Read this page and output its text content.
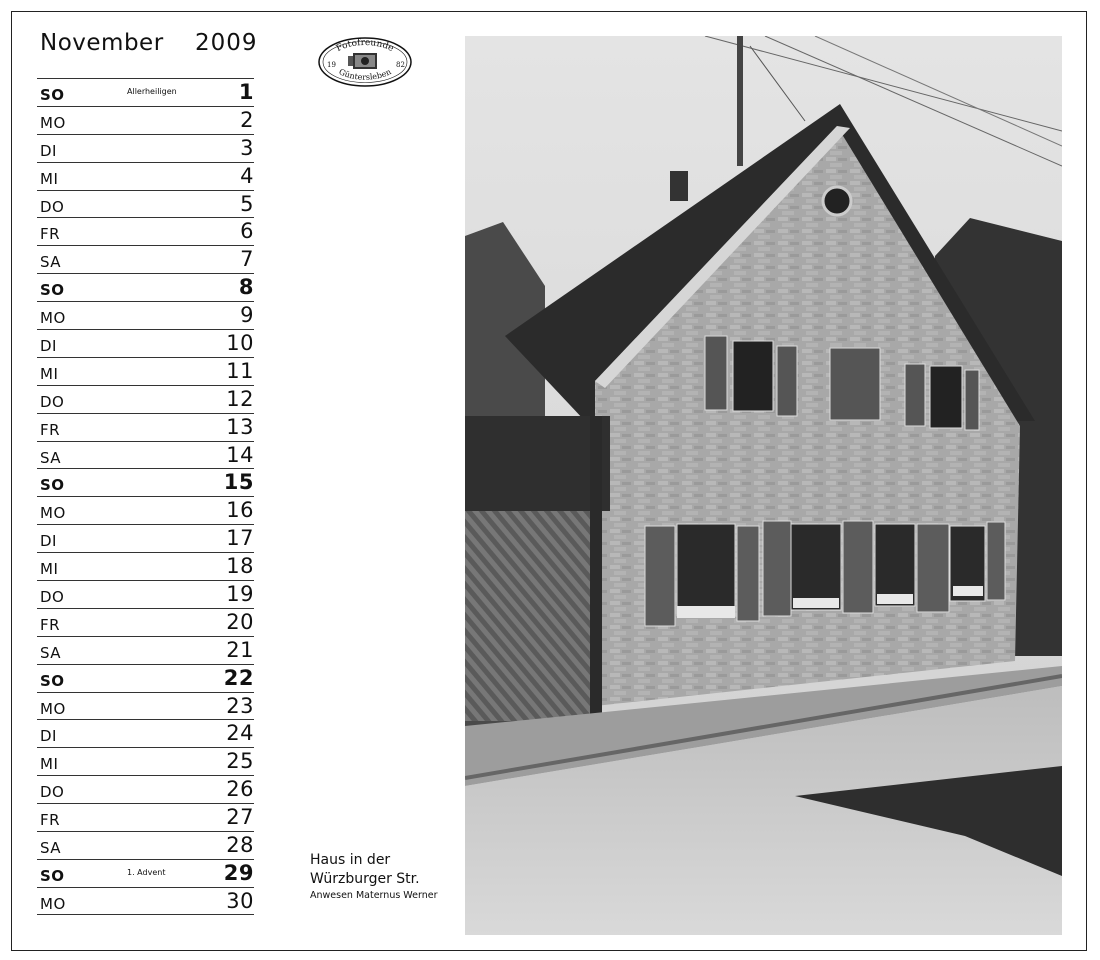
November 2009
SO	Allerheiligen	1
MO	2
DI	3
MI	4
DO	5
FR	6
SA	7
SO	8
MO	9
DI	10
MI	11
DO	12
FR	13
SA	14
SO	15
MO	16
DI	17
MI	18
DO	19
FR	20
SA	21
SO	22
MO	23
DI	24
MI	25
DO	26
FR	27
SA	28
SO	1. Advent	29
MO	30
Fotofreunde
Güntersleben
19	82
Haus in der
Würzburger Str.
Anwesen Maternus Werner
